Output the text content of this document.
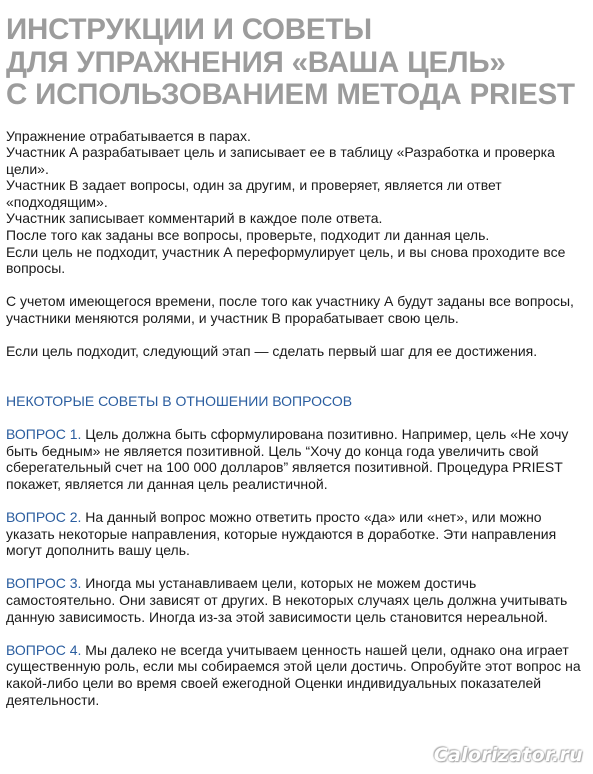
ИНСТРУКЦИИ И СОВЕТЫ
ДЛЯ УПРАЖНЕНИЯ «ВАША ЦЕЛЬ»
С ИСПОЛЬЗОВАНИЕМ МЕТОДА PRIEST

Упражнение отрабатывается в парах.

Участник А разрабатывает цель и записывает ее в таблицу «Разработка и проверка цели».

Участник В задает вопросы, один за другим, и проверяет, является ли ответ «подходящим».

Участник записывает комментарий в каждое поле ответа.

После того как заданы все вопросы, проверьте, подходит ли данная цель.

Если цель не подходит, участник А переформулирует цель, и вы снова проходите все вопросы.

С учетом имеющегося времени, после того как участнику А будут заданы все вопросы, участники меняются ролями, и участник В прорабатывает свою цель.

Если цель подходит, следующий этап — сделать первый шаг для ее достижения.

НЕКОТОРЫЕ СОВЕТЫ В ОТНОШЕНИИ ВОПРОСОВ

ВОПРОС 1. Цель должна быть сформулирована позитивно. Например, цель «Не хочу быть бедным» не является позитивной. Цель “Хочу до конца года увеличить свой сберегательный счет на 100 000 долларов” является позитивной. Процедура PRIEST покажет, является ли данная цель реалистичной.

ВОПРОС 2. На данный вопрос можно ответить просто «да» или «нет», или можно указать некоторые направления, которые нуждаются в доработке. Эти направления могут дополнить вашу цель.

ВОПРОС 3. Иногда мы устанавливаем цели, которых не можем достичь самостоятельно. Они зависят от других. В некоторых случаях цель должна учитывать данную зависимость. Иногда из-за этой зависимости цель становится нереальной.

ВОПРОС 4. Мы далеко не всегда учитываем ценность нашей цели, однако она играет существенную роль, если мы собираемся этой цели достичь. Опробуйте этот вопрос на какой-либо цели во время своей ежегодной Оценки индивидуальных показателей деятельности.

Calorizator.ru
